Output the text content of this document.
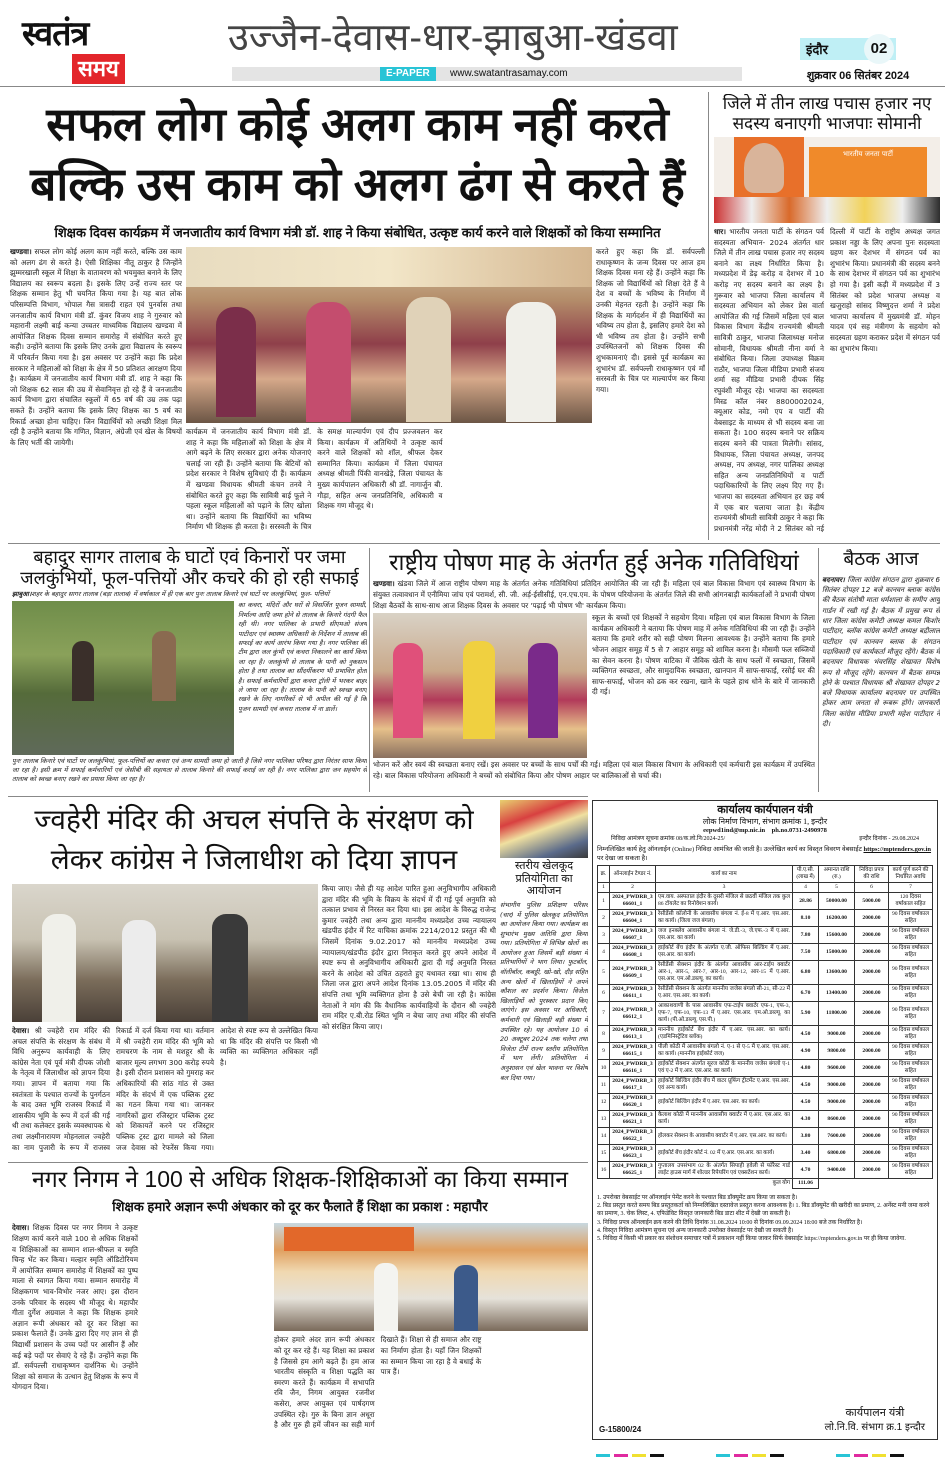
स्वतंत्र
समय
उज्जैन-देवास-धार-झाबुआ-खंडवा
E-PAPER	www.swatantrasamay.com
इंदौर	02
शुक्रवार 06 सितंबर 2024
सफल लोग कोई अलग काम नहीं करते
बल्कि उस काम को अलग ढंग से करते हैं
शिक्षक दिवस कार्यक्रम में जनजातीय कार्य विभाग मंत्री डॉ. शाह ने किया संबोधित, उत्कृष्ट कार्य करने वाले शिक्षकों को किया सम्मानित
खण्डवा। सफल लोग कोई अलग काम नहीं करते, बल्कि उस काम को अलग ढंग से करते है। ऐसी शिक्षिका नीतू ठाकुर है जिन्होंने झुम्मरखाली स्कूल में शिक्षा के वातावरण को भयमुक्त बनाने के लिए विद्यालय का स्वरूप बदला है। इसके लिए उन्हें राज्य स्तर पर शिक्षक सम्मान हेतु भी चयनित किया गया है। यह बात लोक परिसम्पत्ति विभाग, भोपाल गैस त्रासदी राहत एवं पुनर्वास तथा जनजातीय कार्य विभाग मंत्री डॉ. कुंवर विजय शाह ने गुरुवार को महारानी लक्ष्मी बाई कन्या उच्चतर माध्यमिक विद्यालय खण्डवा में आयोजित शिक्षक दिवस सम्मान समारोह में संबोधित करते हुए कही। उन्होंने बताया कि इसके लिए उनके द्वारा विद्यालय के स्वरूप में परिवर्तन किया गया है। इस अवसर पर उन्होंने कहा कि प्रदेश सरकार ने महिलाओं को शिक्षा के क्षेत्र में 50 प्रतिशत आरक्षण दिया है। कार्यक्रम में जनजातीय कार्य विभाग मंत्री डॉ. शाह ने कहा कि जो शिक्षक 62 साल की उम्र में सेवानिवृत्त हो रहे हैं वे जनजातीय कार्य विभाग द्वारा संचालित स्कूलों में 65 वर्ष की उम्र तक पढ़ा सकते हैं। उन्होंने बताया कि इसके लिए शिक्षक का 5 वर्ष का रिकार्ड अच्छा होना चाहिए। जिन विद्यार्थियों को अच्छी शिक्षा मिल रही है उन्होंने बताया कि गणित, विज्ञान, अंग्रेजी एवं खेल के विषयों के लिए भर्ती की जायेगी।
करते हुए कहा कि डॉ. सर्वपल्ली राधाकृष्णन के जन्म दिवस पर आज हम शिक्षक दिवस मना रहे हैं। उन्होंने कहा कि शिक्षक जो विद्यार्थियों को शिक्षा देते हैं वे देश व बच्चों के भविष्य के निर्माण में उनकी मेहनत रहती है। उन्होंने कहा कि शिक्षक के मार्गदर्शन में ही विद्यार्थियों का भविष्य तय होता है, इसलिए हमारे देश को भी भविष्य तय होता है। उन्होंने सभी उपस्थितजनों को शिक्षक दिवस की शुभकामनाएं दी। इससे पूर्व कार्यक्रम का शुभारंभ डॉ. सर्वपल्ली राधाकृष्णन एवं माँ सरस्वती के चित्र पर माल्यार्पण कर किया गया।
कार्यक्रम में जनजातीय कार्य विभाग मंत्री डॉ. शाह ने कहा कि महिलाओं को शिक्षा के क्षेत्र में आगे बढ़ने के लिए सरकार द्वारा अनेक योजनाएं चलाई जा रही हैं। उन्होंने बताया कि बेटियों को प्रदेश सरकार ने विशेष सुविधाएं दी हैं। कार्यक्रम में खण्डवा विधायक श्रीमती कंचन तनवे ने संबोधित करते हुए कहा कि सावित्री बाई फूले ने पहला स्कूल महिलाओं को पढ़ाने के लिए खोला था। उन्होंने बताया कि विद्यार्थियों का भविष्य निर्माण भी शिक्षक ही करता है। सरस्वती के चित्र के समक्ष माल्यार्पण एवं दीप प्रज्जवलन कर किया। कार्यक्रम में अतिथियों ने उत्कृष्ट कार्य करने वाले शिक्षकों को शॉल, श्रीफल देकर सम्मानित किया। कार्यक्रम में जिला पंचायत अध्यक्ष श्रीमती पिंकी वानखेड़े, जिला पंचायत के मुख्य कार्यपालन अधिकारी श्री डॉ. नागार्जुन बी. गौड़ा, सहित अन्य जनप्रतिनिधि, अधिकारी व शिक्षक गण मौजूद थे।
जिले में तीन लाख पचास हजार नए सदस्य बनाएगी भाजपाः सोमानी
भारतीय जनता पार्टी
धार। भारतीय जनता पार्टी के संगठन पर्व सदस्यता अभियान- 2024 अंतर्गत धार जिले में तीन लाख पचास हजार नए सदस्य बनाने का लक्ष्य निर्धारित किया है। मध्यप्रदेश में डेढ़ करोड़ व देशभर में 10 करोड़ नए सदस्य बनाने का लक्ष्य है। गुरूवार को भाजपा जिला कार्यालय में सदस्यता अभियान को लेकर प्रेस वार्ता आयोजित की गई जिसमें महिला एवं बाल विकास विभाग केंद्रीय राज्यमंत्री श्रीमती सावित्री ठाकुर, भाजपा जिलाध्यक्ष मनोज सोमानी, विधायक श्रीमती नीना वर्मा ने संबोधित किया। जिला उपाध्यक्ष विक्रम राठौर, भाजपा जिला मीडिया प्रभारी संजय शर्मा सह मीडिया प्रभारी दीपक सिंह रघुवंशी मौजूद रहे। भाजपा का सदस्यता मिस्ड कॉल नंबर 8800002024, क्यूआर कोड, नमो एप व पार्टी की वेबसाइट के माध्यम से भी सदस्य बना जा सकता है। 100 सदस्य बनाने पर सक्रिय सदस्य बनने की पात्रता मिलेगी। सांसद, विधायक, जिला पंचायत अध्यक्ष, जनपद अध्यक्ष, नप अध्यक्ष, नगर पालिका अध्यक्ष सहित अन्य जनप्रतिनिधियों व पार्टी पदाधिकारियों के लिए लक्ष्य दिए गए हैं। भाजपा का सदस्यता अभियान हर छह वर्ष में एक बार चलाया जाता है। केंद्रीय राज्यमंत्री श्रीमती सावित्री ठाकुर ने कहा कि प्रधानमंत्री नरेंद्र मोदी ने 2 सितंबर को नई दिल्ली में पार्टी के राष्ट्रीय अध्यक्ष जगत प्रकाश नड्डा के लिए अपना पुनः सदस्यता ग्रहण कर देशभर में संगठन पर्व का शुभारंभ किया। प्रधानमंत्री की सदस्य बनने के साथ देशभर में संगठन पर्व का शुभारंभ हो गया है। इसी कड़ी में मध्यप्रदेश में 3 सितंबर को प्रदेश भाजपा अध्यक्ष व खजुराहो सांसद विष्णुदत्त शर्मा ने प्रदेश भाजपा कार्यालय में मुख्यमंत्री डॉ. मोहन यादव एवं सह मंत्रीगण के सहयोग को सदस्यता ग्रहण कराकर प्रदेश में संगठन पर्व का शुभारंभ किया।
बहादुर सागर तालाब के घाटों एवं किनारों पर जमा जलकुंभियों, फूल-पत्तियों और कचरे की हो रही सफाई
झाबुआ।शहर के बहादुर सागर तालाब (बड़ा तालाब) में वर्षाकाल में ही एक बार पुनः तालाब किनारे एवं घाटों पर जलकुंभियां, फूल- पत्तियों
का कचरा, मंदिरों और घरों से विसर्जित पूजन सामग्री, निर्माल्य आदि जमा होने से तालाब के किनारे गंदगी फैल रही थी। नगर पालिका के प्रभारी सीएमओ संजय पाटीदार एवं स्वास्थ्य अधिकारी के निर्देशन में तालाब की सफाई का कार्य आरंभ किया गया है। नगर पालिका की टीम द्वारा जल कुंभी एवं कचरा निकालने का कार्य किया जा रहा है। जलकुंभी से तालाब के पानी को नुकसान होता है तथा तालाब का सौंदर्यीकरण भी प्रभावित होता है। सफाई कर्मचारियों द्वारा कचरा ट्रॉली में भरकर बाहर ले जाया जा रहा है। तालाब के पानी को स्वच्छ बनाए रखने के लिए नागरिकों से भी अपील की गई है कि पूजन सामग्री एवं कचरा तालाब में ना डालें।
पुनः तालाब किनारे एवं घाटों पर जलकुंभियां, फूल-पत्तियों का कचरा एवं अन्य सामग्री जमा हो जाती है जिसे नगर पालिका परिषद द्वारा निरंतर साफ किया जा रहा है। इसी क्रम में सफाई कर्मचारियों एवं जेसीबी की सहायता से तालाब किनारे की सफाई कराई जा रही है। नगर पालिका द्वारा जन सहयोग से तालाब को स्वच्छ बनाए रखने का प्रयास किया जा रहा है।
राष्ट्रीय पोषण माह के अंतर्गत हुई अनेक गतिविधियां
खण्डवा। खंडवा जिले में आज राष्ट्रीय पोषण माह के अंतर्गत अनेक गतिविधियां प्रतिदिन आयोजित की जा रही हैं। महिला एवं बाल विकास विभाग एवं स्वास्थ्य विभाग के संयुक्त तत्वावधान में एनीमिया जांच एवं परामर्श, सी. जी. अर्ड़-ईसीसीई, एन.एच.एम. के पोषण परियोजना के अंतर्गत जिले की सभी आंगनबाड़ी कार्यकर्ताओं ने प्रभावी पोषण शिक्षा बैठकों के साथ-साथ आज शिक्षक दिवस के अवसर पर 'पढ़ाई भी पोषण भी' कार्यक्रम किया।
स्कूल के बच्चों एवं शिक्षकों ने सहयोग दिया। महिला एवं बाल विकास विभाग के जिला कार्यक्रम अधिकारी ने बताया कि पोषण माह में अनेक गतिविधियां की जा रही हैं। उन्होंने बताया कि हमारे शरीर को सही पोषण मिलना आवश्यक है। उन्होंने बताया कि हमारे भोजन आहार समूह में 5 से 7 आहार समूह को शामिल करना है। मौसमी फल सब्जियों का सेवन करना है। पोषण वाटिका में जैविक खेती के साथ फलों में स्वच्छता, जिसमें व्यक्तिगत स्वच्छता, और सामुदायिक स्वच्छता, खानपान में साफ-सफाई, रसोई घर की साफ-सफाई, भोजन को ढक कर रखना, खाने के पहले हाथ धोने के बारे में जानकारी दी गई।
भोजन करें और स्वयं की स्वच्छता बनाए रखें। इस अवसर पर बच्चों के साथ पर्चों की गई। महिला एवं बाल विकास विभाग के अधिकारी एवं कर्मचारी इस कार्यक्रम में उपस्थित रहे। बाल विकास परियोजना अधिकारी ने बच्चों को संबोधित किया और पोषण आहार पर बालिकाओं से चर्चा की।
बैठक आज
बदनावर। जिला कांग्रेस संगठन द्वारा शुक्रवार 6 सितंबर दोपहर 12 बजे कानवन ब्लाक कांग्रेस की बैठक संतोषी माता धर्मशाला के समीप आयु गार्डन में रखी गई है। बैठक में प्रमुख रूप से धार जिला कांग्रेस कमेटी अध्यक्ष कमल किशोर पाटीदार, ब्लॉक कांग्रेस कमेटी अध्यक्ष बद्रीलाल पाटीदार एवं कानवन ब्लाक के संगठन पदाधिकारी एवं कार्यकर्ता मौजूद रहेंगे। बैठक में बदनावर विधायक भंवरसिंह शेखावत विशेष रूप से मौजूद रहेंगे। कानवन में बैठक सम्पन्न होने के पश्चात विधायक श्री शेखावत दोपहर 2 बजे विधायक कार्यालय बदनावर पर उपस्थित होकर आम जनता से रूबरू होंगे। जानकारी जिला कांग्रेस मीडिया प्रभारी महेश पाटीदार ने दी।
ज्वहेरी मंदिर की अचल संपत्ति के संरक्षण को लेकर कांग्रेस ने जिलाधीश को दिया ज्ञापन
देवास। श्री ज्वहेरी राम मंदिर की अचल संपत्ति के संरक्षण के संबंध में विधि अनुरूप कार्यवाही के लिए कांग्रेस नेता एवं पूर्व मंत्री दीपक जोशी के नेतृत्व में जिलाधीश को ज्ञापन दिया गया। ज्ञापन में बताया गया कि स्वतंत्रता के पश्चात राज्यों के पुनर्गठन के बाद उक्त भूमि राजस्व रिकार्ड में शासकीय भूमि के रूप में दर्ज की गई थी तथा कलेक्टर इसके व्यवस्थापक थे तथा लक्ष्मीनारायण मोहनलाल ज्वहेरी का नाम पुजारी के रूप में राजस्व रिकार्ड में दर्ज किया गया था। वर्तमान में श्री ज्वहेरी राम मंदिर की भूमि को रामचरण के नाम से मशहूर श्री के बाजार मूल्य लगभग 300 करोड़ रुपये है। इसी दौरान प्रशासन को गुमराह कर अधिकारियों की सांठ गांठ से उक्त मंदिर के संदर्भ में एक पब्लिक ट्रस्ट का गठन किया गया था। जानकर नागरिकों द्वारा रजिस्ट्रार पब्लिक ट्रस्ट को शिकायतें करने पर रजिस्ट्रार पब्लिक ट्रस्ट द्वारा मामले को जिला जज देवास को रेफरेंस किया गया। आदेश से स्पष्ट रूप से उल्लेखित किया था कि मंदिर की संपत्ति पर किसी भी व्यक्ति का व्यक्तिगत अधिकार नहीं है।
किया जाए। जैसे ही यह आदेश पारित हुआ अनुविभागीय अधिकारी द्वारा मंदिर की भूमि के विक्रय के संदर्भ में दी गई पूर्व अनुमति को तत्काल प्रभाव से निरस्त कर दिया था। इस आदेश के विरुद्ध राजेन्द्र कुमार ज्वहेरी तथा अन्य द्वारा माननीय मध्यप्रदेश उच्च न्यायालय खंडपीठ इंदौर में रिट याचिका क्रमांक 2214/2012 प्रस्तुत की थी जिसमें दिनांक 9.02.2017 को माननीय मध्यप्रदेश उच्च न्यायालय/खंडपीठ इंदौर द्वारा निराकृत करते हुए अपने आदेश में स्पष्ट रूप से अनुविभागीय अधिकारी द्वारा दी गई अनुमति निरस्त करने के आदेश को उचित ठहराते हुए यथावत रखा था। साथ ही जिला जज द्वारा अपने आदेश दिनांक 13.05.2005 में मंदिर की संपत्ति तथा भूमि व्यक्तिगत होना है उसे बेची जा रही है। कांग्रेस नेताओं ने मांग की कि वैधानिक कार्यवाहियों के दौरान श्री ज्वहेरी राम मंदिर ए.बी.रोड स्थित भूमि न बेचा जाए तथा मंदिर की संपत्ति को संरक्षित किया जाए।
स्तरीय खेलकूद प्रतियोगिता का आयोजन
संभागीय पुलिस प्रशिक्षण परिसर (चार) में पुलिस खेलकूद प्रतियोगिता का आयोजन किया गया। कार्यक्रम का शुभारंभ मुख्य अतिथि द्वारा किया गया। प्रतियोगिता में विभिन्न खेलों का आयोजन हुआ जिसमें बड़ी संख्या में प्रतिभागियों ने भाग लिया। फुटबॉल, वॉलीबॉल, कबड्डी, खो-खो, दौड़ सहित अन्य खेलों में खिलाड़ियों ने अपने कौशल का प्रदर्शन किया। विजेता खिलाड़ियों को पुरस्कार प्रदान किए जाएंगे। इस अवसर पर अधिकारी, कर्मचारी एवं खिलाड़ी बड़ी संख्या में उपस्थित रहे। यह आयोजन 10 से 20 अक्टूबर 2024 तक चलेगा तथा विजेता टीमें राज्य स्तरीय प्रतियोगिता में भाग लेंगी। प्रतियोगिता में अनुशासन एवं खेल भावना पर विशेष बल दिया गया।
कार्यालय कार्यपालन यंत्री
लोक निर्माण विभाग, संभाग क्रमांक 1, इन्दौर
eepwd1ind@mp.nic.in ph.no.0731-2490978
निविदा आमंत्रण सूचना क्रमांक 08/क.लो.नि/2024-25/	इन्दौर दिनांक - 29.08.2024
निम्नलिखित कार्य हेतु ऑनलाईन (Online) निविदा आमंत्रित की जाती है। उल्लेखित कार्य का विस्तृत विवरण वेबसाईट https://mptenders.gov.in पर देखा जा सकता है।
क्र.	ऑनलाईन टेण्डर नं.	कार्य का नाम	पी.ए.सी. (लाख में)	अमानत राशि (रु.)	निविदा प्रपत्र की राशि	कार्य पूर्ण करने की निर्धारित अवधि
1	2	3	4	5	6	7
1	2024_PWDRB_366601_1	एम.वाय. अस्पताल इंदौर के दूसरी मंजिल से छठवीं मंजिल तक कुल 86 टॉयलेट का रिनोवेशन कार्य।	28.86	50000.00	5000.00	120 दिवस वर्षाकाल सहित
2	2024_PWDRB_366604_1	रेसीडेंसी कॉलोनी के आवासीय बंगला नं. ई-8 में ए.आर. एस.आर. का कार्य। (जिला जज बंगला)	8.10	16200.00	2000.00	90 दिवस वर्षाकाल सहित
3	2024_PWDRB_366607_1	जज इनक्लेव आवासीय बंगला नं. जे.डी.-3, जे.एफ.-3 में ए.आर. एस.आर. का कार्य।	7.80	15600.00	2000.00	90 दिवस वर्षाकाल सहित
4	2024_PWDRB_366608_1	हाईकोर्ट बेंच इंदौर के अंतर्गत ए.जी. ऑफिस बिल्डिंग में ए.आर. एस.आर. का कार्य।	7.50	15000.00	2000.00	90 दिवस वर्षाकाल सहित
5	2024_PWDRB_366609_1	रेसीडेंसी सेक्शन इंदौर के अंतर्गत आवासीय आर-टाईप क्वार्टर आर-1, आर-5, आर-7, आर-10, आर-12, आर-15 में ए.आर. एस.आर. एम.ओ.डब्ल्यू. का कार्य।	6.80	13600.00	2000.00	90 दिवस वर्षाकाल सहित
6	2024_PWDRB_366611_1	रेसीडेंसी सेक्शन के अंतर्गत माननीय जजेस बंगलो सी-21, सी-22 में ए.आर. एस.आर. का कार्य।	6.70	13400.00	2000.00	90 दिवस वर्षाकाल सहित
7	2024_PWDRB_366612_1	आकाशवाणी के पास आवासीय एफ-टाईप क्वार्टर एफ-1, एफ-3, एफ-7, एफ-10, एफ-13 में ए.आर. एस.आर. एम.ओ.डब्ल्यू. का कार्य। (पी.ओ.डब्ल्यू. एस.पी.)	5.90	11800.00	2000.00	90 दिवस वर्षाकाल सहित
8	2024_PWDRB_366613_1	माननीय हाईकोर्ट बेंच इंदौर में ए.आर. एस.आर. का कार्य। (एडमिनिस्ट्रेटिव ब्लॉक)	4.50	9000.00	2000.00	90 दिवस वर्षाकाल सहित
9	2024_PWDRB_366615_1	पीली कोठी में आवासीय बंगलो नं. ए-1 से ए-5 में ए.आर. एस.आर. का कार्य। (माननीय हाईकोर्ट जज)	4.90	9800.00	2000.00	90 दिवस वर्षाकाल सहित
10	2024_PWDRB_366616_1	हाईकोर्ट सेक्शन अंतर्गत सूरज कोठी के माननीय जजेस बंगलो ए-1 एवं ए-2 में ए.आर. एस.आर. का कार्य।	4.80	9600.00	2000.00	90 दिवस वर्षाकाल सहित
11	2024_PWDRB_366617_1	हाईकोर्ट बिल्डिंग इंदौर बेंच में वाटर प्रूफिंग ट्रीटमेंट ए.आर. एस.आर. एवं अन्य कार्य।	4.50	9000.00	2000.00	90 दिवस वर्षाकाल सहित
12	2024_PWDRB_366620_1	हाईकोर्ट बिल्डिंग इंदौर में ए.आर. एस.आर. का कार्य।	4.50	9000.00	2000.00	90 दिवस वर्षाकाल सहित
13	2024_PWDRB_366621_1	कैलाश कोठी में माननीय आवासीय क्वार्टर में ए.आर. एस.आर. का कार्य।	4.30	8600.00	2000.00	90 दिवस वर्षाकाल सहित
14	2024_PWDRB_366622_1	होलकर सेक्शन के आवासीय क्वार्टर में ए.आर. एस.आर. का कार्य।	3.80	7600.00	2000.00	90 दिवस वर्षाकाल सहित
15	2024_PWDRB_366623_1	हाईकोर्ट बेंच इंदौर कोर्ट नं. 02 में ए.आर. एस.आर. का कार्य।	3.40	6800.00	2000.00	90 दिवस वर्षाकाल सहित
16	2024_PWDRB_366625_1	गुप्तालय उपसंभाग 02 के अंतर्गत सिपाही हवेली से फॉरेस्ट गार्ड लाईट हाउस मार्ग में शोल्डर रिपेयरिंग एवं एक्सटेंशन कार्य।	4.70	9400.00	2000.00	90 दिवस वर्षाकाल सहित
कुल योग			111.06			
1. उपरोक्त वेबसाईट पर ऑनलाईन पेमेंट करने के पश्चात बिड डॉक्यूमेंट क्रय किया जा सकता है।
2. बिड प्रस्तुत करते समय बिड प्रस्तुतकर्ता को निम्नलिखित दस्तावेज प्रस्तुत करना आवश्यक है। 1. बिड डॉक्यूमेंट की खरीदी का प्रमाण, 2. अर्नेस्ट मनी जमा करने का प्रमाण, 3. चेक लिस्ट, 4. एफिडेविट विस्तृत जानकारी बिड डाटा शीट में देखी जा सकती है।
3. निविदा प्रपत्र ऑनलाईन क्रय करने की तिथि दिनांक 31.08.2024 10:00 से दिनांक 09.09.2024 18:00 बजे तक निर्धारित है।
4. विस्तृत निविदा आमंत्रण सूचना एवं अन्य जानकारी उपरोक्त वेबसाईट पर देखी जा सकती है।
5. निविदा में किसी भी प्रकार का संशोधन समाचार पत्रों में प्रकाशन नहीं किया जाकर सिर्फ वेबसाईट https://mptenders.gov.in पर ही किया जावेगा.
G-15800/24
कार्यपालन यंत्री
लो.नि.वि. संभाग क्र.1 इन्दौर
नगर निगम ने 100 से अधिक शिक्षक-शिक्षिकाओं का किया सम्मान
शिक्षक हमारे अज्ञान रूपी अंधकार को दूर कर फैलाते हैं शिक्षा का प्रकाश : महापौर
देवास। शिक्षक दिवस पर नगर निगम ने उत्कृष्ट शिक्षण कार्य करने वाले 100 से अधिक शिक्षकों व शिक्षिकाओं का सम्मान शाल-श्रीफल व स्मृति चिन्ह भेंट कर किया। मल्हार स्मृति ऑडिटोरियम में आयोजित सम्मान समारोह में शिक्षकों का पुष्प माला से स्वागत किया गया। सम्मान समारोह में शिक्षकगण भाव-विभोर नजर आए। इस दौरान उनके परिवार के सदस्य भी मौजूद थे। महापौर गीता दुर्गेश अग्रवाल ने कहा कि शिक्षक हमारे अज्ञान रूपी अंधकार को दूर कर शिक्षा का प्रकाश फैलाते हैं। उनके द्वारा दिए गए ज्ञान से ही विद्यार्थी प्रशासन के उच्च पदों पर आसीन हैं और कई बड़े पदों पर सेवाएं दे रहे हैं। उन्होंने कहा कि डॉ. सर्वपल्ली राधाकृष्णन दार्शनिक थे। उन्होंने शिक्षा को समाज के उत्थान हेतु शिक्षक के रूप में योगदान दिया।
होकर हमारे अंदर ज्ञान रूपी अंधकार को दूर कर रहे हैं। यह शिक्षा का प्रकाश है जिससे हम आगे बढ़ते हैं। हम आज भारतीय संस्कृति व शिक्षा पद्धति का स्मरण करते हैं। कार्यक्रम में सभापति रवि जैन, निगम आयुक्त रजनीश कसेरा, अपर आयुक्त एवं पार्षदगण उपस्थित रहे। गुरु के बिना ज्ञान अधूरा है और गुरु ही हमें जीवन का सही मार्ग दिखाते हैं। शिक्षा से ही समाज और राष्ट्र का निर्माण होता है। यहाँ जिन शिक्षकों का सम्मान किया जा रहा है वे बधाई के पात्र हैं।
